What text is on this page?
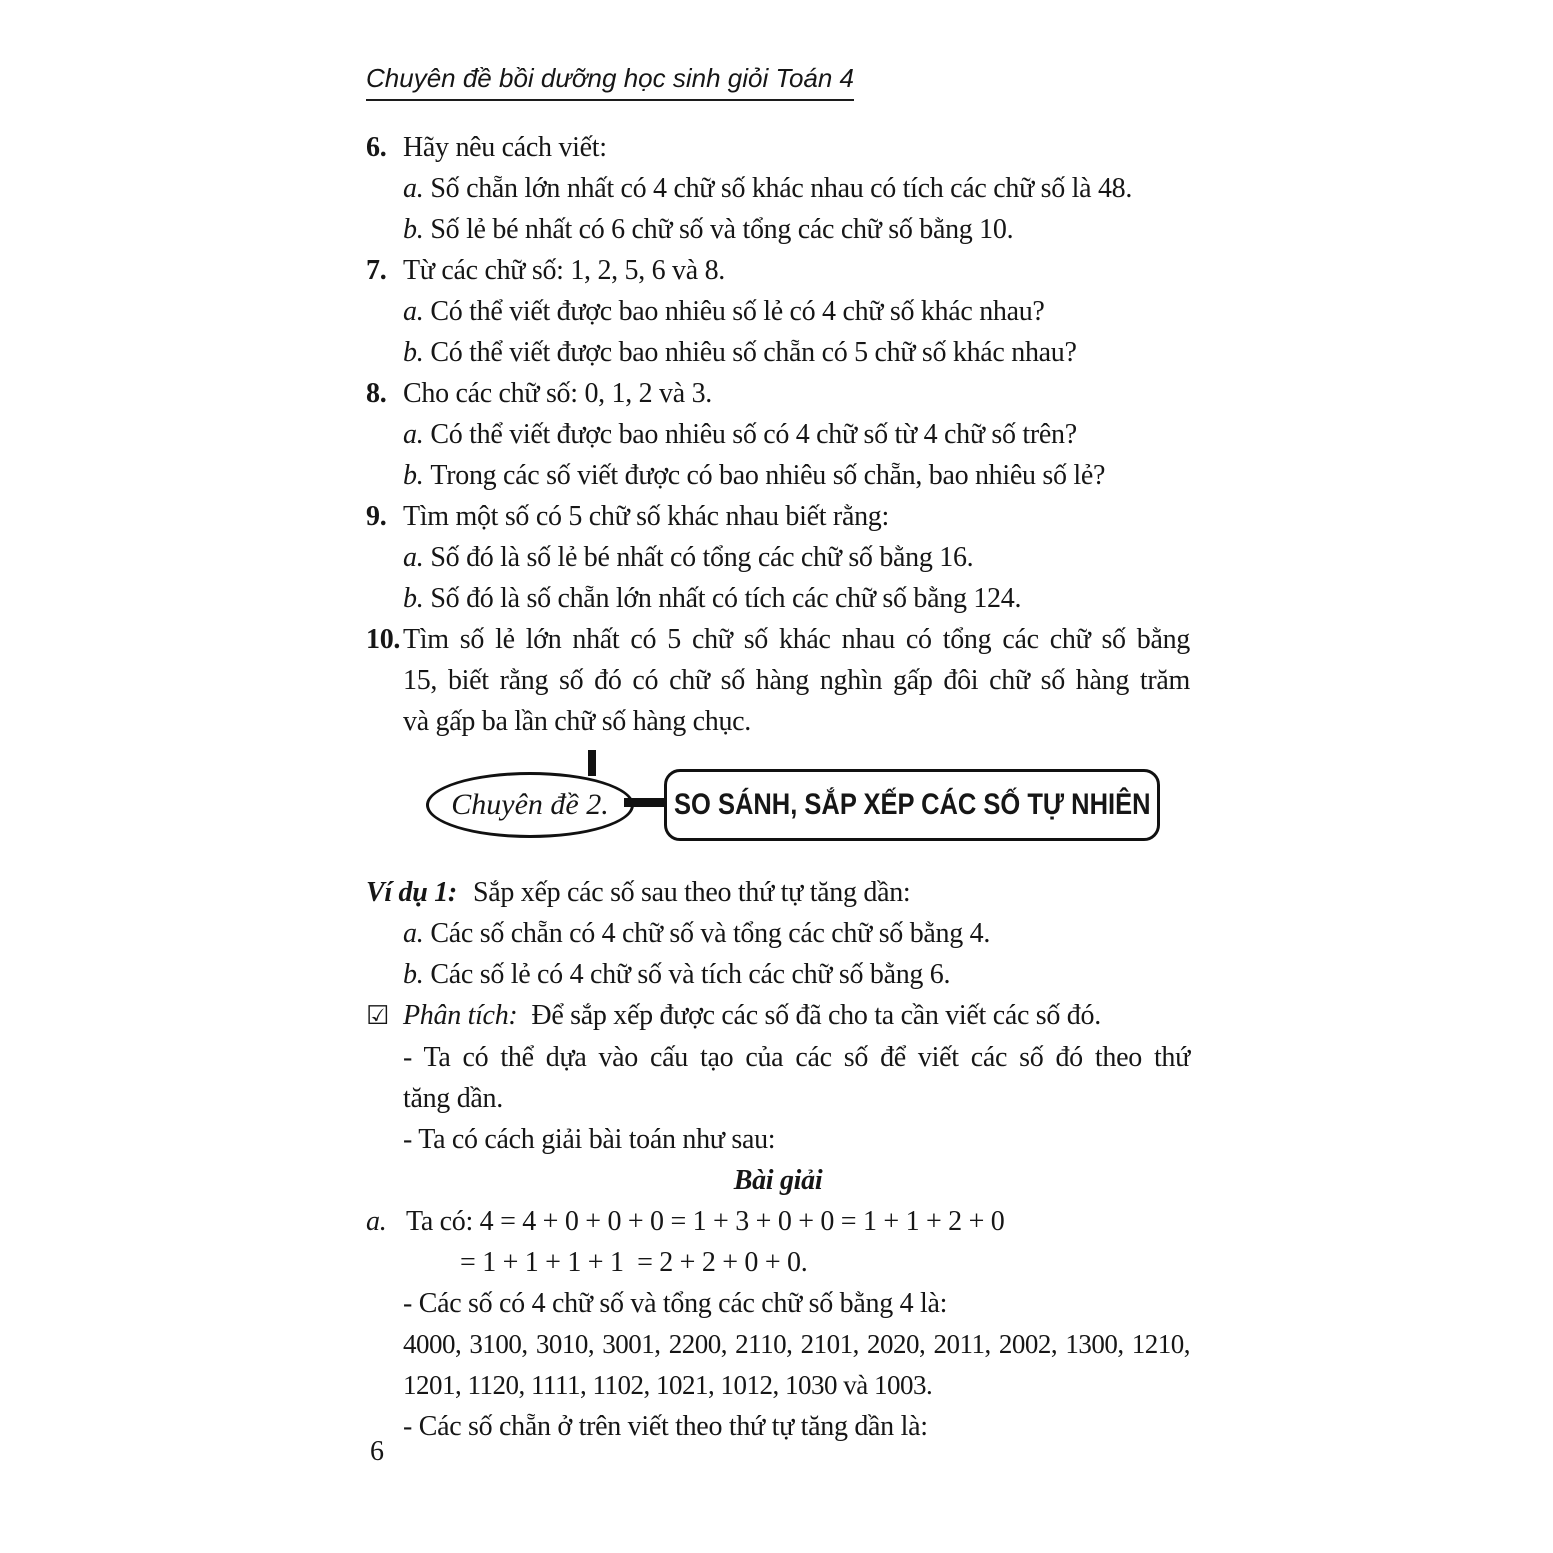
Chuyên đề bồi dưỡng học sinh giỏi Toán 4
6. Hãy nêu cách viết:
a. Số chẵn lớn nhất có 4 chữ số khác nhau có tích các chữ số là 48.
b. Số lẻ bé nhất có 6 chữ số và tổng các chữ số bằng 10.
7. Từ các chữ số: 1, 2, 5, 6 và 8.
a. Có thể viết được bao nhiêu số lẻ có 4 chữ số khác nhau?
b. Có thể viết được bao nhiêu số chẵn có 5 chữ số khác nhau?
8. Cho các chữ số: 0, 1, 2 và 3.
a. Có thể viết được bao nhiêu số có 4 chữ số từ 4 chữ số trên?
b. Trong các số viết được có bao nhiêu số chẵn, bao nhiêu số lẻ?
9. Tìm một số có 5 chữ số khác nhau biết rằng:
a. Số đó là số lẻ bé nhất có tổng các chữ số bằng 16.
b. Số đó là số chẵn lớn nhất có tích các chữ số bằng 124.
10. Tìm số lẻ lớn nhất có 5 chữ số khác nhau có tổng các chữ số bằng
15, biết rằng số đó có chữ số hàng nghìn gấp đôi chữ số hàng trăm
và gấp ba lần chữ số hàng chục.
Chuyên đề 2. SO SÁNH, SẮP XẾP CÁC SỐ TỰ NHIÊN
Ví dụ 1: Sắp xếp các số sau theo thứ tự tăng dần:
a. Các số chẵn có 4 chữ số và tổng các chữ số bằng 4.
b. Các số lẻ có 4 chữ số và tích các chữ số bằng 6.
☑ Phân tích: Để sắp xếp được các số đã cho ta cần viết các số đó.
- Ta có thể dựa vào cấu tạo của các số để viết các số đó theo thứ
tăng dần.
- Ta có cách giải bài toán như sau:
Bài giải
a. Ta có: 4 = 4 + 0 + 0 + 0 = 1 + 3 + 0 + 0 = 1 + 1 + 2 + 0
= 1 + 1 + 1 + 1  = 2 + 2 + 0 + 0.
- Các số có 4 chữ số và tổng các chữ số bằng 4 là:
4000, 3100, 3010, 3001, 2200, 2110, 2101, 2020, 2011, 2002, 1300, 1210,
1201, 1120, 1111, 1102, 1021, 1012, 1030 và 1003.
- Các số chẵn ở trên viết theo thứ tự tăng dần là:
6
